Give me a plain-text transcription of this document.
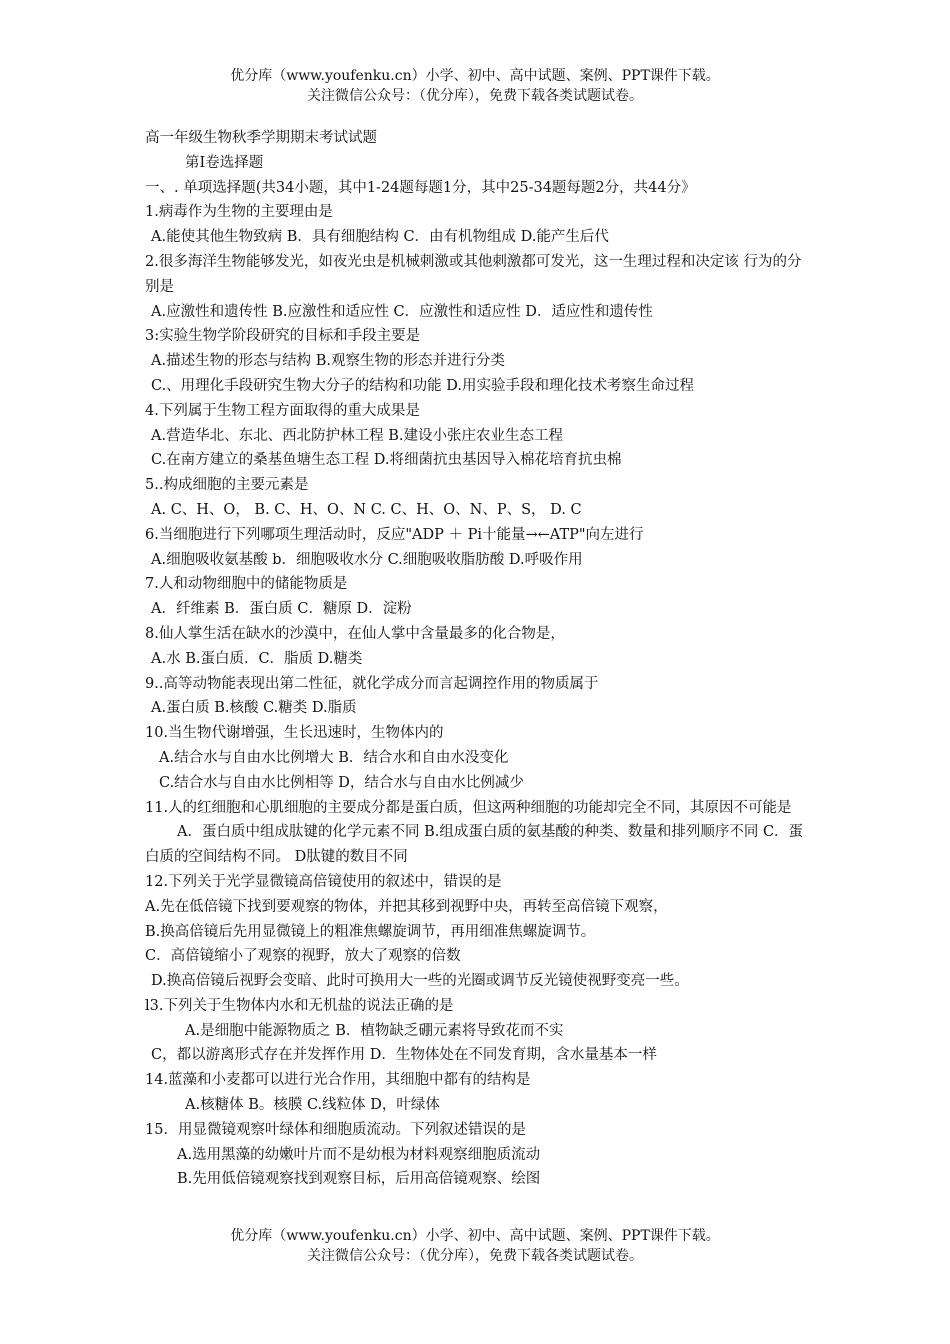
优分库（www.youfenku.cn）小学、初中、高中试题、案例、PPT课件下载。
关注微信公众号：（优分库），免费下载各类试题试卷。
高一年级生物秋季学期期末考试试题
第Ⅰ卷选择题
一、. 单项选择题(共34小题，其中1-24题每题1分，其中25-34题每题2分，共44分》
1.病毒作为生物的主要理由是
A.能使其他生物致病 B．具有细胞结构 C．由有机物组成 D.能产生后代
2.很多海洋生物能够发光，如夜光虫是机械刺激或其他刺激都可发光，这一生理过程和决定该 行为的分别是
A.应激性和遗传性 B.应激性和适应性 C．应激性和适应性 D．适应性和遗传性
3:实验生物学阶段研究的目标和手段主要是
A.描述生物的形态与结构 B.观察生物的形态并进行分类
C.、用理化手段研究生物大分子的结构和功能 D.用实验手段和理化技术考察生命过程
4.下列属于生物工程方面取得的重大成果是
A.营造华北、东北、西北防护林工程 B.建设小张庄农业生态工程
C.在南方建立的桑基鱼塘生态工程 D.将细菌抗虫基因导入棉花培育抗虫棉
5..构成细胞的主要元素是
A. C、H、O， B. C、H、O、N C. C、H、O、N、P、S， D. C
6.当细胞进行下列哪项生理活动时，反应"ADP ＋ Pi十能量→←ATP"向左进行
A.细胞吸收氨基酸 b．细胞吸收水分 C.细胞吸收脂肪酸 D.呼吸作用
7.人和动物细胞中的储能物质是
A．纤维素 B．蛋白质 C．糖原 D．淀粉
8.仙人掌生活在缺水的沙漠中，在仙人掌中含量最多的化合物是，
A.水 B.蛋白质．C．脂质 D.糖类
9..高等动物能表现出第二性征，就化学成分而言起调控作用的物质属于
A.蛋白质 B.核酸 C.糖类 D.脂质
10.当生物代谢增强，生长迅速时，生物体内的
A.结合水与自由水比例增大 B．结合水和自由水没变化
C.结合水与自由水比例相等 D，结合水与自由水比例减少
11.人的红细胞和心肌细胞的主要成分都是蛋白质，但这两种细胞的功能却完全不同，其原因不可能是
A．蛋白质中组成肽键的化学元素不同 B.组成蛋白质的氨基酸的种类、数量和排列顺序不同 C．蛋白质的空间结构不同。 D肽键的数目不同
12.下列关于光学显微镜高倍镜使用的叙述中，错误的是
A.先在低倍镜下找到要观察的物体，并把其移到视野中央，再转至高倍镜下观察，
B.换高倍镜后先用显微镜上的粗准焦螺旋调节，再用细准焦螺旋调节。
C．高倍镜缩小了观察的视野，放大了观察的倍数
D.换高倍镜后视野会变暗、此时可换用大一些的光圈或调节反光镜使视野变亮一些。
l3.下列关于生物体内水和无机盐的说法正确的是
A.是细胞中能源物质之 B．植物缺乏硼元素将导致花而不实
C，都以游离形式存在并发挥作用 D．生物体处在不同发育期，含水量基本一样
14.蓝藻和小麦都可以进行光合作用，其细胞中都有的结构是
A.核糖体 B。核膜 C.线粒体 D，叶绿体
15．用显微镜观察叶绿体和细胞质流动。下列叙述错误的是
A.选用黑藻的幼嫩叶片而不是幼根为材料观察细胞质流动
B.先用低倍镜观察找到观察目标，后用高倍镜观察、绘图
优分库（www.youfenku.cn）小学、初中、高中试题、案例、PPT课件下载。
关注微信公众号：（优分库），免费下载各类试题试卷。
